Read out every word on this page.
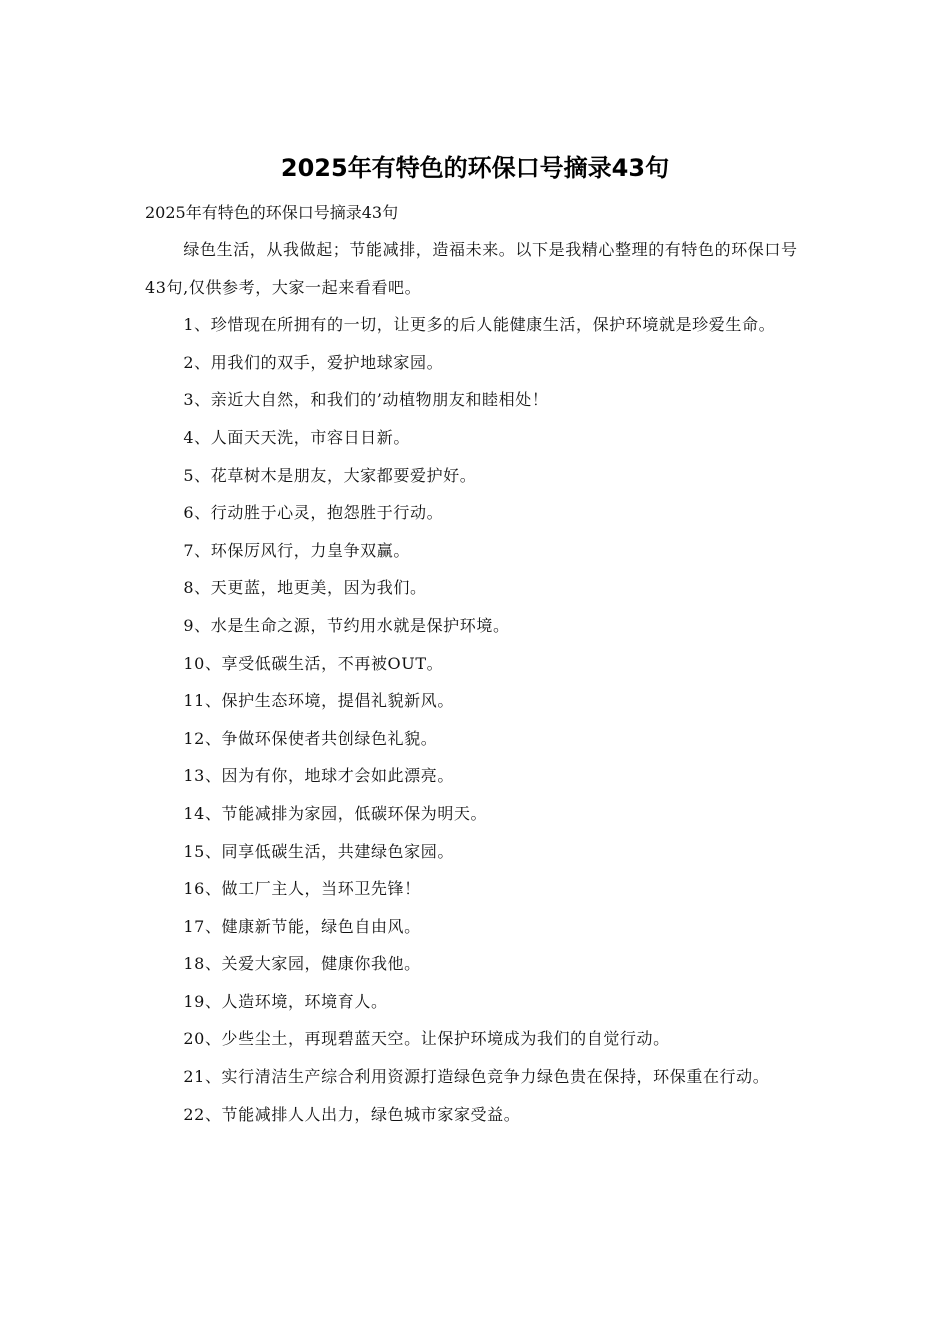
2025年有特色的环保口号摘录43句

2025年有特色的环保口号摘录43句

绿色生活，从我做起；节能减排，造福未来。以下是我精心整理的有特色的环保口号43句,仅供参考，大家一起来看看吧。

1、珍惜现在所拥有的一切，让更多的后人能健康生活，保护环境就是珍爱生命。

2、用我们的双手，爱护地球家园。

3、亲近大自然，和我们的’动植物朋友和睦相处！

4、人面天天洗，市容日日新。

5、花草树木是朋友，大家都要爱护好。

6、行动胜于心灵，抱怨胜于行动。

7、环保厉风行，力皇争双赢。

8、天更蓝，地更美，因为我们。

9、水是生命之源，节约用水就是保护环境。

10、享受低碳生活，不再被OUT。

11、保护生态环境，提倡礼貌新风。

12、争做环保使者共创绿色礼貌。

13、因为有你，地球才会如此漂亮。

14、节能减排为家园，低碳环保为明天。

15、同享低碳生活，共建绿色家园。

16、做工厂主人，当环卫先锋！

17、健康新节能，绿色自由风。

18、关爱大家园，健康你我他。

19、人造环境，环境育人。

20、少些尘土，再现碧蓝天空。让保护环境成为我们的自觉行动。

21、实行清洁生产综合利用资源打造绿色竞争力绿色贵在保持，环保重在行动。

22、节能减排人人出力，绿色城市家家受益。
